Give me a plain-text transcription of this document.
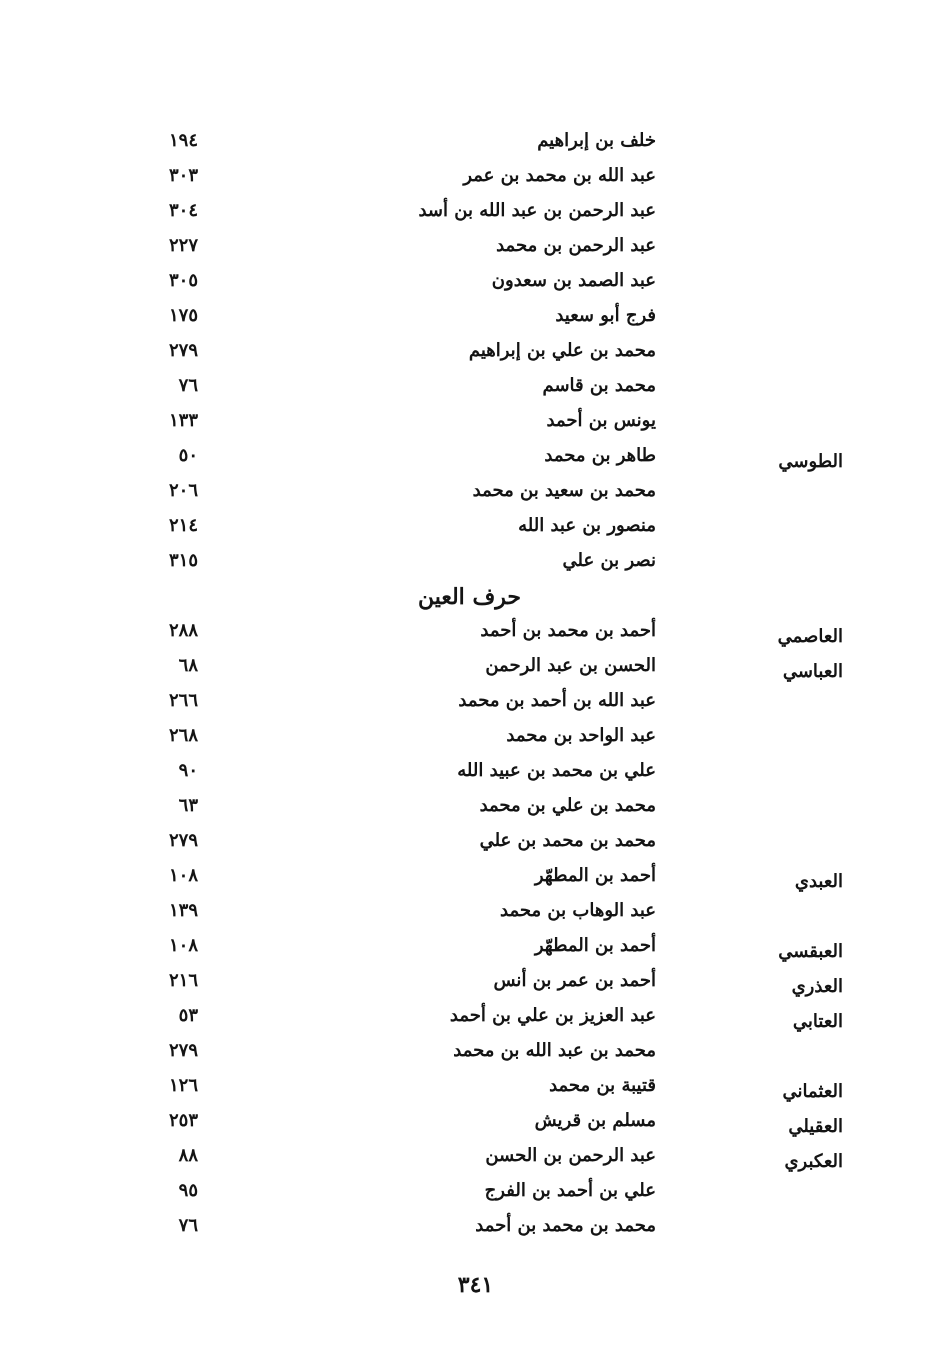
خلف بن إبراهيم
١٩٤
عبد الله بن محمد بن عمر
٣٠٣
عبد الرحمن بن عبد الله بن أسد
٣٠٤
عبد الرحمن بن محمد
٢٢٧
عبد الصمد بن سعدون
٣٠٥
فرج أبو سعيد
١٧٥
محمد بن علي بن إبراهيم
٢٧٩
محمد بن قاسم
٧٦
يونس بن أحمد
١٣٣
الطوسي
طاهر بن محمد
٥٠
محمد بن سعيد بن محمد
٢٠٦
منصور بن عبد الله
٢١٤
نصر بن علي
٣١٥
العاصمي
أحمد بن محمد بن أحمد
٢٨٨
العباسي
الحسن بن عبد الرحمن
٦٨
عبد الله بن أحمد بن محمد
٢٦٦
عبد الواحد بن محمد
٢٦٨
علي بن محمد بن عبيد الله
٩٠
محمد بن علي بن محمد
٦٣
محمد بن محمد بن علي
٢٧٩
العبدي
أحمد بن المطهّر
١٠٨
عبد الوهاب بن محمد
١٣٩
العبقسي
أحمد بن المطهّر
١٠٨
العذري
أحمد بن عمر بن أنس
٢١٦
العتابي
عبد العزيز بن علي بن أحمد
٥٣
محمد بن عبد الله بن محمد
٢٧٩
العثماني
قتيبة بن محمد
١٢٦
العقيلي
مسلم بن قريش
٢٥٣
العكبري
عبد الرحمن بن الحسن
٨٨
علي بن أحمد بن الفرج
٩٥
محمد بن محمد بن أحمد
٧٦
حرف العين
٣٤١
